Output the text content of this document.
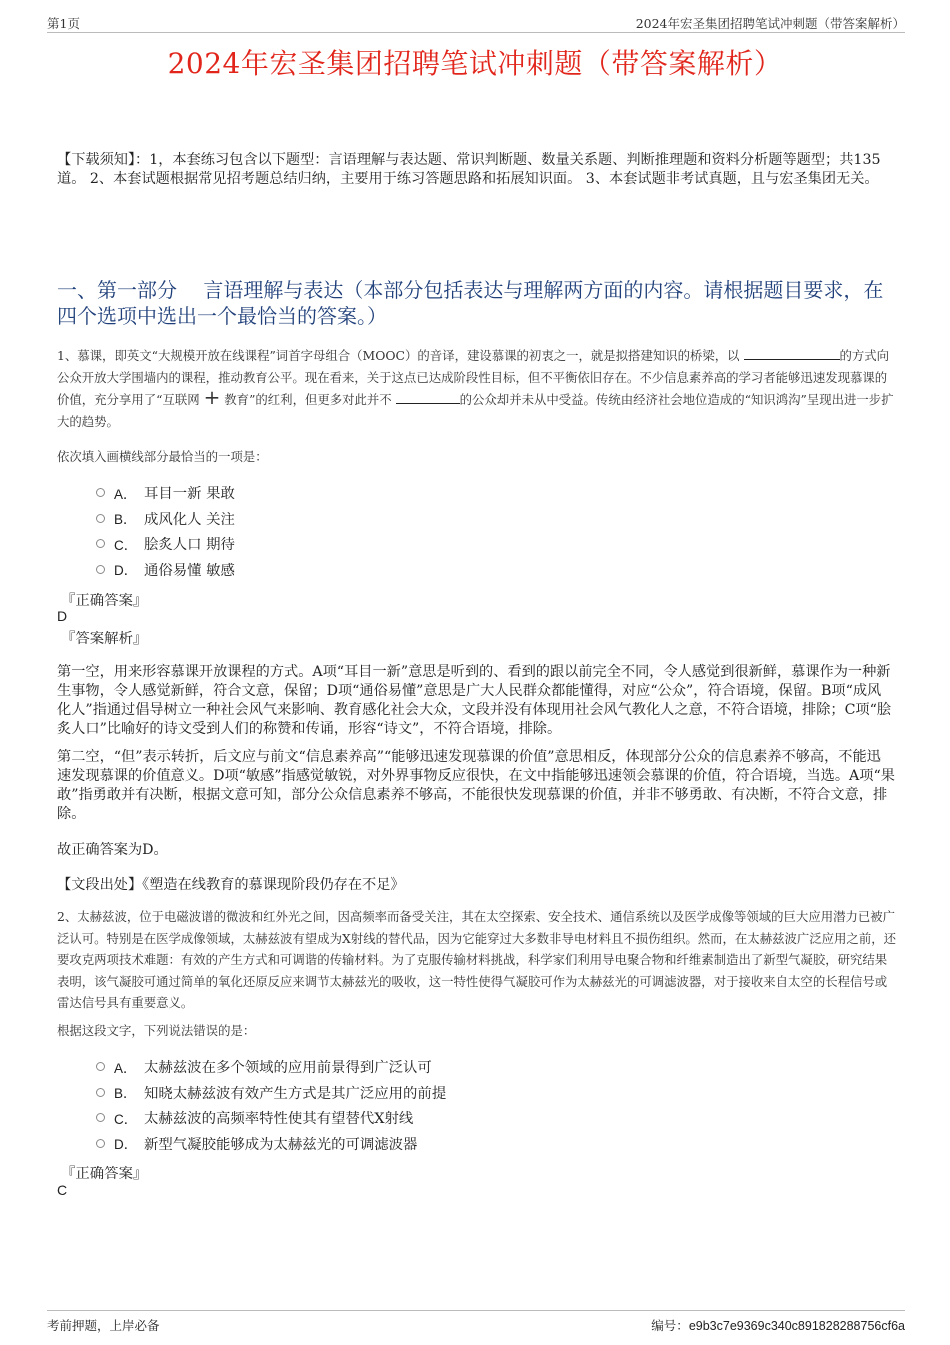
第1页	2024年宏圣集团招聘笔试冲刺题（带答案解析）
2024年宏圣集团招聘笔试冲刺题（带答案解析）
【下载须知】：1，本套练习包含以下题型：言语理解与表达题、常识判断题、数量关系题、判断推理题和资料分析题等题型；共135道。 2、本套试题根据常见招考题总结归纳，主要用于练习答题思路和拓展知识面。 3、本套试题非考试真题，且与宏圣集团无关。
一、第一部分　 言语理解与表达（本部分包括表达与理解两方面的内容。请根据题目要求，在四个选项中选出一个最恰当的答案。）
1、慕课，即英文“大规模开放在线课程”词首字母组合（MOOC）的音译，建设慕课的初衷之一，就是拟搭建知识的桥梁，以	的方式向公众开放大学围墙内的课程，推动教育公平。现在看来，关于这点已达成阶段性目标，但不平衡依旧存在。不少信息素养高的学习者能够迅速发现慕课的价值，充分享用了“互联网 + 教育”的红利，但更多对此并不	的公众却并未从中受益。传统由经济社会地位造成的“知识鸿沟”呈现出进一步扩大的趋势。
依次填入画横线部分最恰当的一项是：
A． 耳目一新 果敢
B． 成风化人 关注
C． 脍炙人口 期待
D． 通俗易懂 敏感
『正确答案』
D
『答案解析』
第一空，用来形容慕课开放课程的方式。A项“耳目一新”意思是听到的、看到的跟以前完全不同，令人感觉到很新鲜，慕课作为一种新生事物，令人感觉新鲜，符合文意，保留；D项“通俗易懂”意思是广大人民群众都能懂得，对应“公众”，符合语境，保留。B项“成风化人”指通过倡导树立一种社会风气来影响、教育感化社会大众，文段并没有体现用社会风气教化人之意，不符合语境，排除；C项“脍炙人口”比喻好的诗文受到人们的称赞和传诵，形容“诗文”，不符合语境，排除。
第二空，“但”表示转折，后文应与前文“信息素养高”“能够迅速发现慕课的价值”意思相反，体现部分公众的信息素养不够高，不能迅速发现慕课的价值意义。D项“敏感”指感觉敏锐，对外界事物反应很快，在文中指能够迅速领会慕课的价值，符合语境，当选。A项“果敢”指勇敢并有决断，根据文意可知，部分公众信息素养不够高，不能很快发现慕课的价值，并非不够勇敢、有决断，不符合文意，排除。
故正确答案为D。
【文段出处】《塑造在线教育的慕课现阶段仍存在不足》
2、太赫兹波，位于电磁波谱的微波和红外光之间，因高频率而备受关注，其在太空探索、安全技术、通信系统以及医学成像等领域的巨大应用潜力已被广泛认可。特别是在医学成像领域，太赫兹波有望成为X射线的替代品，因为它能穿过大多数非导电材料且不损伤组织。然而，在太赫兹波广泛应用之前，还要攻克两项技术难题：有效的产生方式和可调谐的传输材料。为了克服传输材料挑战，科学家们利用导电聚合物和纤维素制造出了新型气凝胶，研究结果表明，该气凝胶可通过简单的氧化还原反应来调节太赫兹光的吸收，这一特性使得气凝胶可作为太赫兹光的可调滤波器，对于接收来自太空的长程信号或雷达信号具有重要意义。
根据这段文字，下列说法错误的是：
A． 太赫兹波在多个领域的应用前景得到广泛认可
B． 知晓太赫兹波有效产生方式是其广泛应用的前提
C． 太赫兹波的高频率特性使其有望替代X射线
D． 新型气凝胶能够成为太赫兹光的可调滤波器
『正确答案』
C
考前押题，上岸必备	编号：e9b3c7e9369c340c891828288756cf6a
